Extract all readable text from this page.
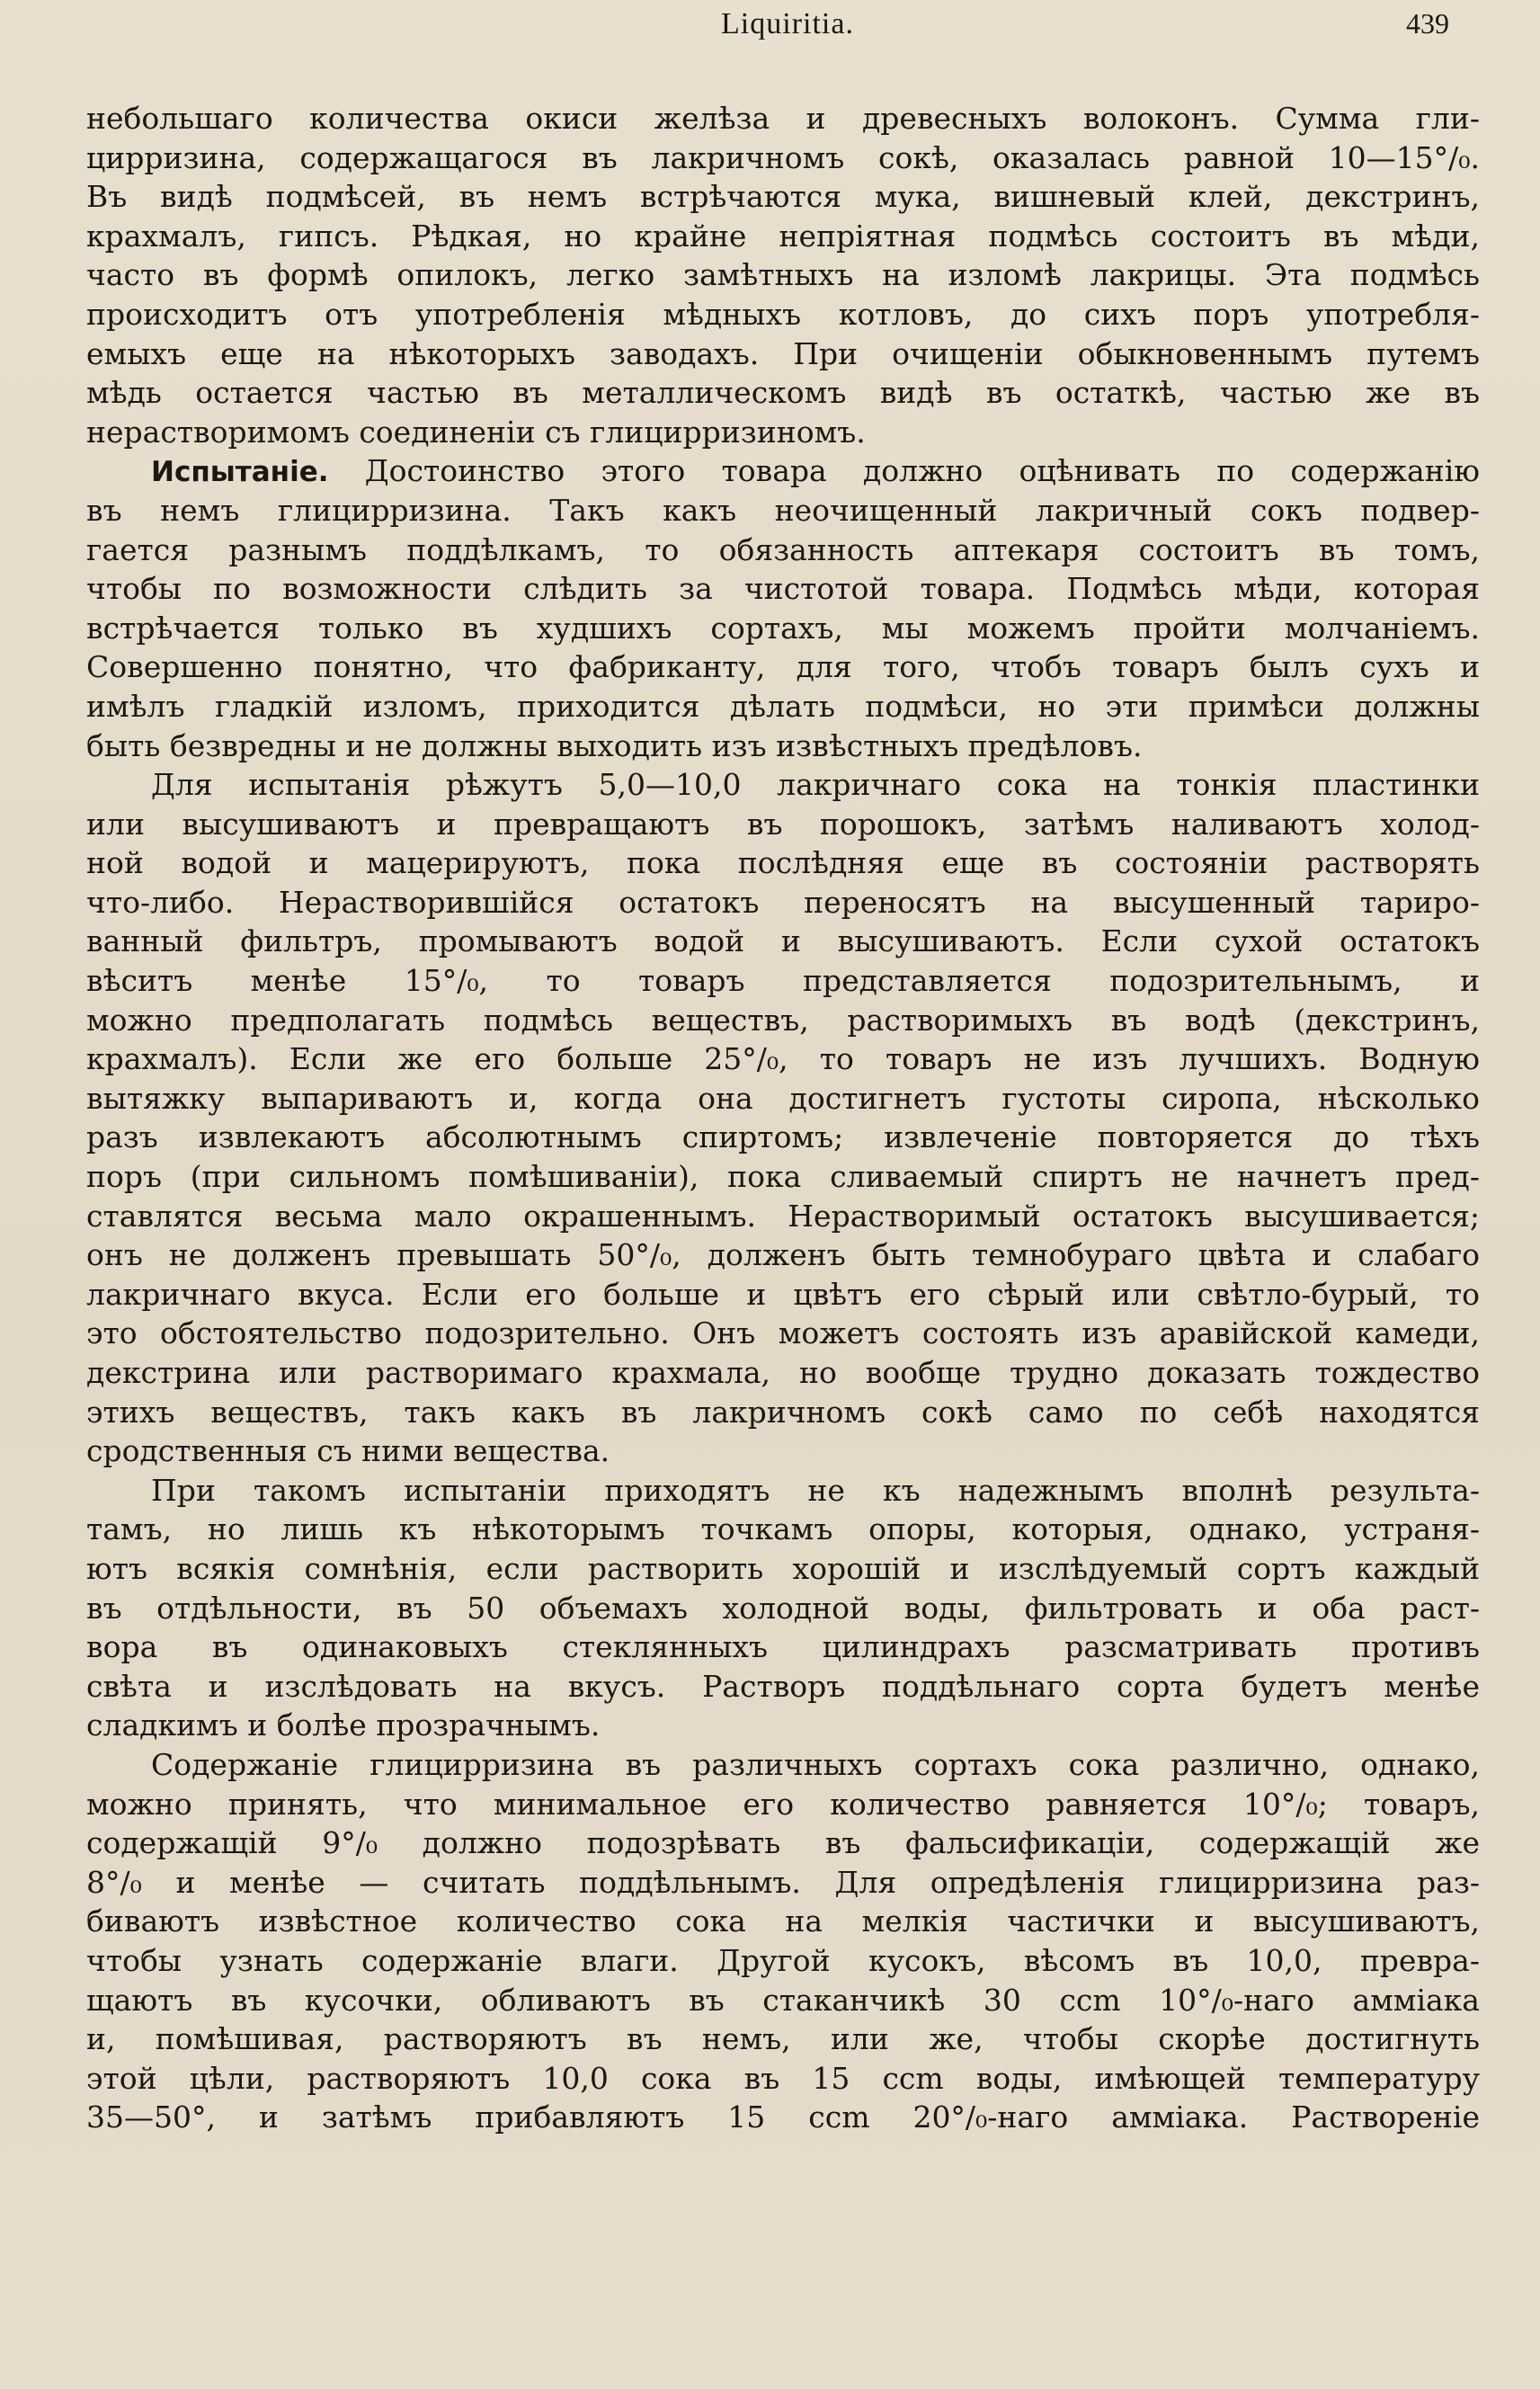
Liquiritia.	439
небольшаго количества окиси желѣза и древесныхъ волоконъ. Сумма гли-
цирризина, содержащагося въ лакричномъ сокѣ, оказалась равной 10—15°/₀.
Въ видѣ подмѣсей, въ немъ встрѣчаются мука, вишневый клей, декстринъ,
крахмалъ, гипсъ. Рѣдкая, но крайне непріятная подмѣсь состоитъ въ мѣди,
часто въ формѣ опилокъ, легко замѣтныхъ на изломѣ лакрицы. Эта подмѣсь
происходитъ отъ употребленія мѣдныхъ котловъ, до сихъ поръ употребля-
емыхъ еще на нѣкоторыхъ заводахъ. При очищеніи обыкновеннымъ путемъ
мѣдь остается частью въ металлическомъ видѣ въ остаткѣ, частью же въ
нерастворимомъ соединеніи съ глицирризиномъ.
Испытаніе. Достоинство этого товара должно оцѣнивать по содержанію
въ немъ глицирризина. Такъ какъ неочищенный лакричный сокъ подвер-
гается разнымъ поддѣлкамъ, то обязанность аптекаря состоитъ въ томъ,
чтобы по возможности слѣдить за чистотой товара. Подмѣсь мѣди, которая
встрѣчается только въ худшихъ сортахъ, мы можемъ пройти молчаніемъ.
Совершенно понятно, что фабриканту, для того, чтобъ товаръ былъ сухъ и
имѣлъ гладкій изломъ, приходится дѣлать подмѣси, но эти примѣси должны
быть безвредны и не должны выходить изъ извѣстныхъ предѣловъ.
Для испытанія рѣжутъ 5,0—10,0 лакричнаго сока на тонкія пластинки
или высушиваютъ и превращаютъ въ порошокъ, затѣмъ наливаютъ холод-
ной водой и мацерируютъ, пока послѣдняя еще въ состояніи растворять
что-либо. Нерастворившійся остатокъ переносятъ на высушенный тариро-
ванный фильтръ, промываютъ водой и высушиваютъ. Если сухой остатокъ
вѣситъ менѣе 15°/₀, то товаръ представляется подозрительнымъ, и
можно предполагать подмѣсь веществъ, растворимыхъ въ водѣ (декстринъ,
крахмалъ). Если же его больше 25°/₀, то товаръ не изъ лучшихъ. Водную
вытяжку выпариваютъ и, когда она достигнетъ густоты сиропа, нѣсколько
разъ извлекаютъ абсолютнымъ спиртомъ; извлеченіе повторяется до тѣхъ
поръ (при сильномъ помѣшиваніи), пока сливаемый спиртъ не начнетъ пред-
ставлятся весьма мало окрашеннымъ. Нерастворимый остатокъ высушивается;
онъ не долженъ превышать 50°/₀, долженъ быть темнобураго цвѣта и слабаго
лакричнаго вкуса. Если его больше и цвѣтъ его сѣрый или свѣтло-бурый, то
это обстоятельство подозрительно. Онъ можетъ состоять изъ аравійской камеди,
декстрина или растворимаго крахмала, но вообще трудно доказать тождество
этихъ веществъ, такъ какъ въ лакричномъ сокѣ само по себѣ находятся
сродственныя съ ними вещества.
При такомъ испытаніи приходятъ не къ надежнымъ вполнѣ результа-
тамъ, но лишь къ нѣкоторымъ точкамъ опоры, которыя, однако, устраня-
ютъ всякія сомнѣнія, если растворить хорошій и изслѣдуемый сортъ каждый
въ отдѣльности, въ 50 объемахъ холодной воды, фильтровать и оба раст-
вора въ одинаковыхъ стеклянныхъ цилиндрахъ разсматривать противъ
свѣта и изслѣдовать на вкусъ. Растворъ поддѣльнаго сорта будетъ менѣе
сладкимъ и болѣе прозрачнымъ.
Содержаніе глицирризина въ различныхъ сортахъ сока различно, однако,
можно принять, что минимальное его количество равняется 10°/₀; товаръ,
содержащій 9°/₀ должно подозрѣвать въ фальсификаціи, содержащій же
8°/₀ и менѣе — считать поддѣльнымъ. Для опредѣленія глицирризина раз-
биваютъ извѣстное количество сока на мелкія частички и высушиваютъ,
чтобы узнать содержаніе влаги. Другой кусокъ, вѣсомъ въ 10,0, превра-
щаютъ въ кусочки, обливаютъ въ стаканчикѣ 30 ccm 10°/₀-наго амміака
и, помѣшивая, растворяютъ въ немъ, или же, чтобы скорѣе достигнуть
этой цѣли, растворяютъ 10,0 сока въ 15 ccm воды, имѣющей температуру
35—50°, и затѣмъ прибавляютъ 15 ccm 20°/₀-наго амміака. Раствореніе
